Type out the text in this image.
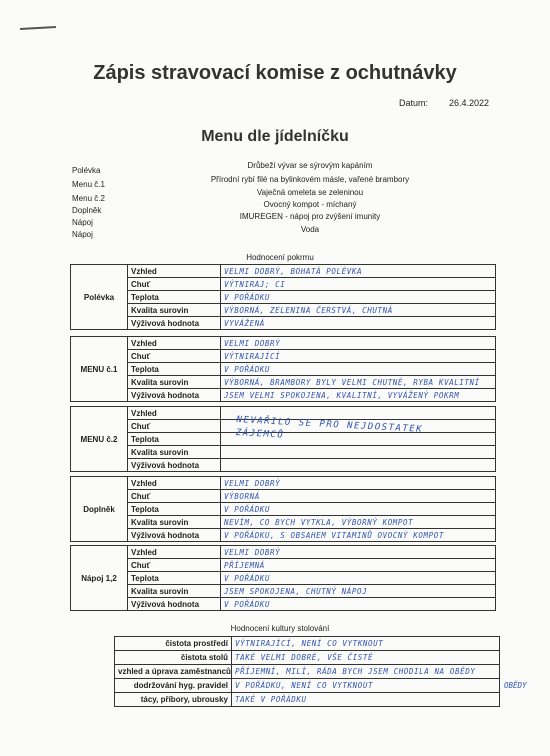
Zápis stravovací komise z ochutnávky
Datum: 26.4.2022
Menu dle jídelníčku
Polévka
Drůbeží vývar se sýrovým kapáním
Menu č.1
Přírodní rybí filé na bylinkovém másle, vařené brambory
Menu č.2
Vaječná omeleta se zeleninou
Doplněk
Ovocný kompot - míchaný
Nápoj
IMUREGEN - nápoj pro zvýšení imunity
Nápoj
Voda
Hodnocení pokrmu
Polévka	Vzhled	VELMI DOBRÝ, BOHATÁ POLÉVKA
	Chuť	VÝTNIRAJ; CI
	Teplota	V POŘÁDKU
	Kvalita surovin	VÝBORNÁ, ZELENINA ČERSTVÁ, CHUTNÁ
	Výživová hodnota	VYVÁŽENÁ
MENU č.1	Vzhled	VELMI DOBRÝ
	Chuť	VÝTNIRAJÍCÍ
	Teplota	V POŘÁDKU
	Kvalita surovin	VÝBORNÁ, BRAMBORY BYLY VELMI CHUTNÉ, RYBA KVALITNÍ
	Výživová hodnota	JSEM VELMI SPOKOJENA, KVALITNÍ, VYVÁŽENÝ POKRM
MENU č.2	Vzhled	
	Chuť	
	Teplota	
	Kvalita surovin	
	Výživová hodnota	
NEVAŘILO SE PRO NEJDOSTATEK ZÁJEMCŮ
Doplněk	Vzhled	VELMI DOBRÝ
	Chuť	VÝBORNÁ
	Teplota	V POŘÁDKU
	Kvalita surovin	NEVÍM, CO BYCH VYTKLA, VÝBORNÝ KOMPOT
	Výživová hodnota	V POŘÁDKU, S OBSAHEM VITAMINŮ OVOCNÝ KOMPOT
Nápoj 1,2	Vzhled	VELMI DOBRÝ
	Chuť	PŘÍJEMNÁ
	Teplota	V POŘÁDKU
	Kvalita surovin	JSEM SPOKOJENA, CHUTNÝ NÁPOJ
	Výživová hodnota	V POŘÁDKU
Hodnocení kultury stolování
čistota prostředí	VÝTNIRAJÍCÍ, NENÍ CO VYTKNOUT
čistota stolů	TAKÉ VELMI DOBRÉ, VŠE ČISTÉ
vzhled a úprava zaměstnanců	PŘÍJEMNÍ, MILÍ, RÁDA BYCH JSEM CHODILA NA OBĚDY
dodržování hyg. pravidel	V POŘÁDKU, NENÍ CO VYTKNOUT
tácy, příbory, ubrousky	TAKÉ V POŘÁDKU
OBĚDY
